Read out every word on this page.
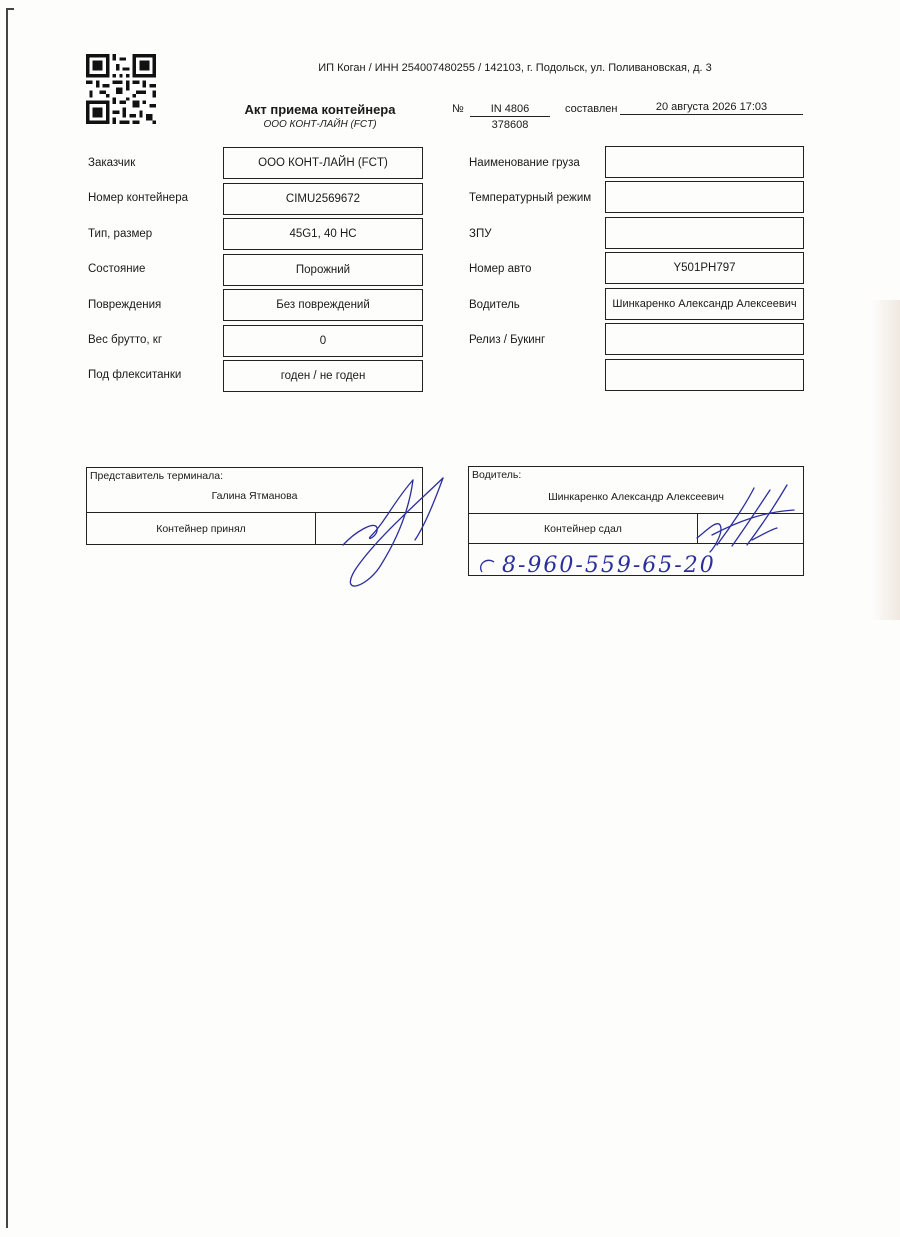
ИП Коган / ИНН 254007480255 / 142103, г. Подольск, ул. Поливановская, д. 3
Акт приема контейнера
ООО КОНТ-ЛАЙН (FCT)
№	IN 4806
378608
составлен	20 августа 2026 17:03
Заказчик	ООО КОНТ-ЛАЙН (FCT)
Номер контейнера	CIMU2569672
Тип, размер	45G1, 40 HC
Состояние	Порожний
Повреждения	Без повреждений
Вес брутто, кг	0
Под флекситанки	годен / не годен
Наименование груза
Температурный режим
ЗПУ
Номер авто	Y501PH797
Водитель	Шинкаренко Александр Алексеевич
Релиз / Букинг
Представитель терминала:
Галина Ятманова

Контейнер принял	
Водитель:
Шинкаренко Александр Алексеевич

Контейнер сдал	

8-960-559-65-20
